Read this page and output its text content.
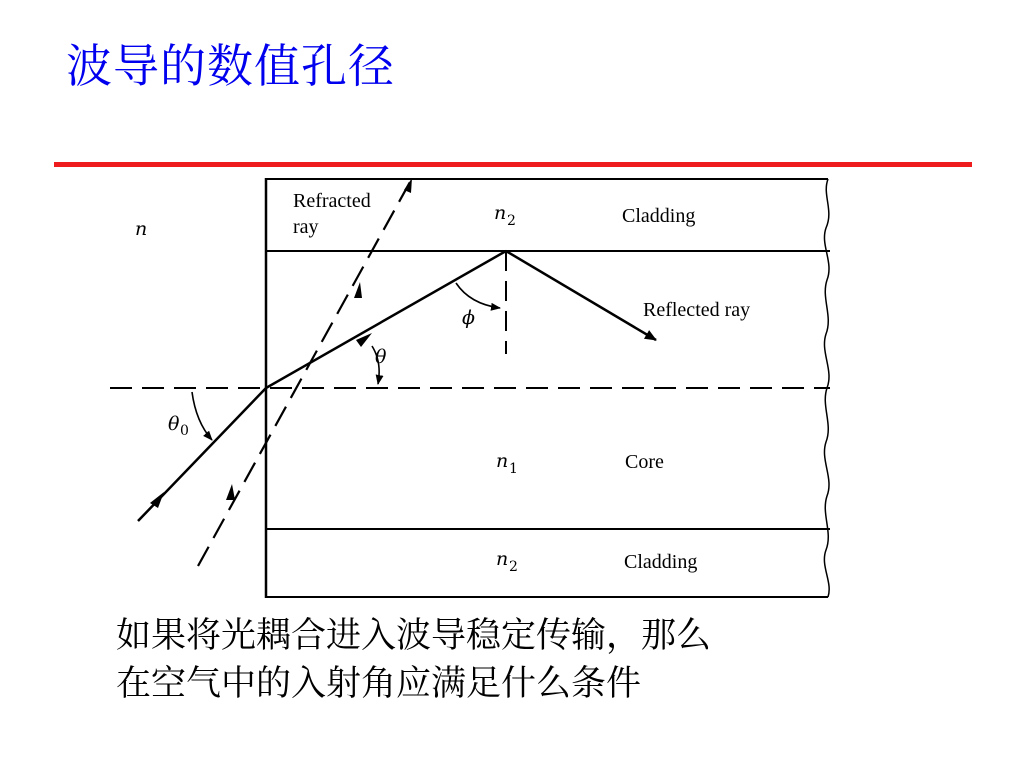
波导的数值孔径
Refracted
ray
n
n 2	Cladding
Reflected ray
ϕ
θ
θ 0
n 1	Core
n 2	Cladding
如果将光耦合进入波导稳定传输，那么
在空气中的入射角应满足什么条件
